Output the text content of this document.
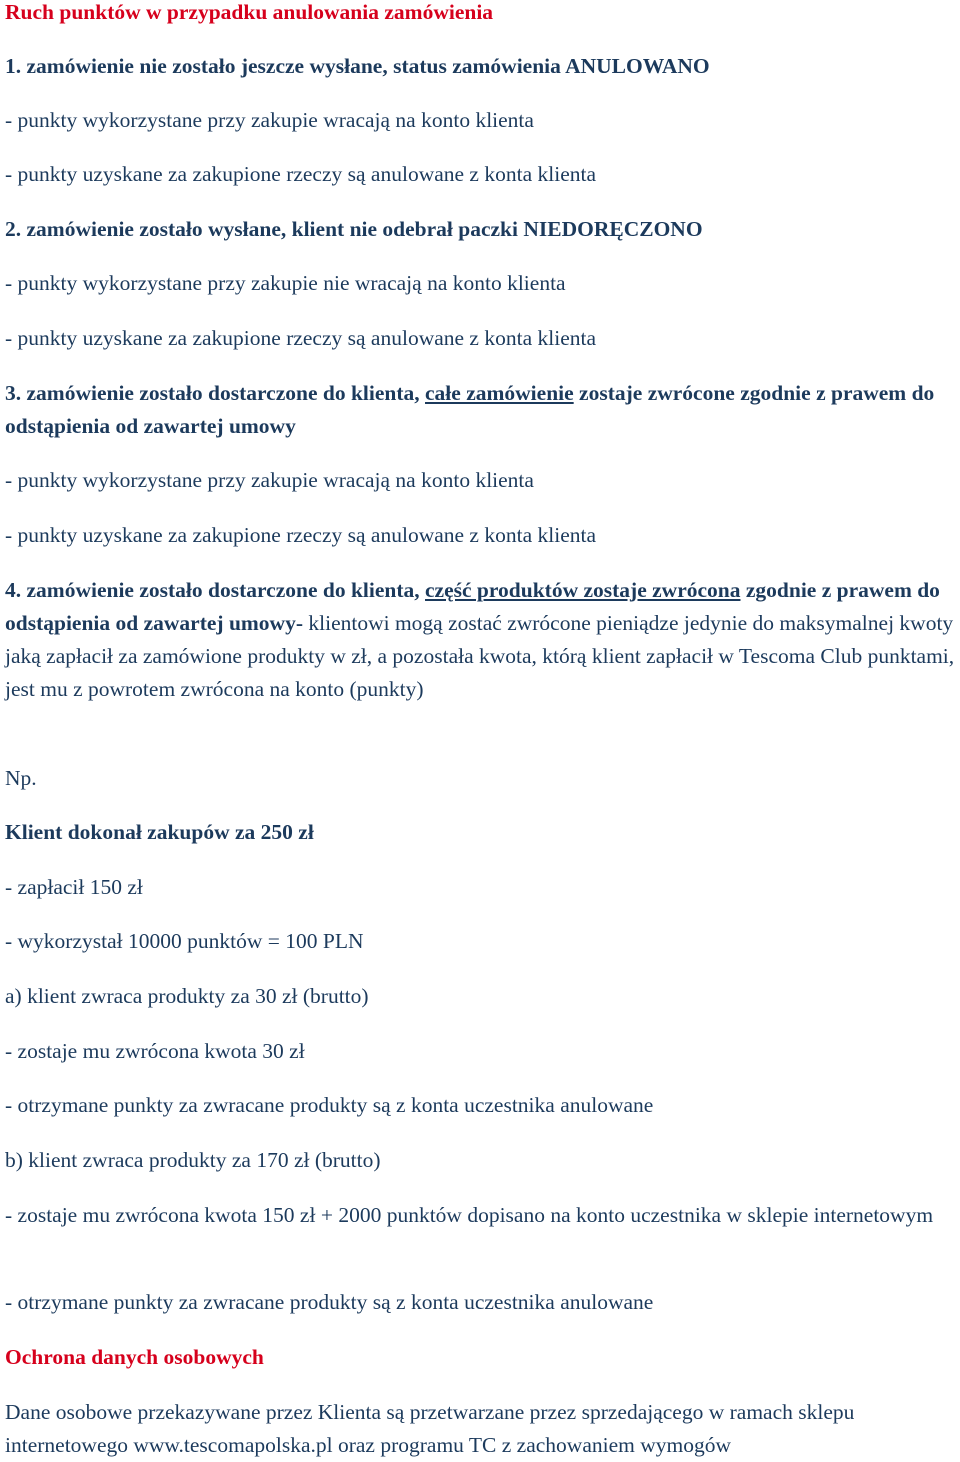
Ruch punktów w przypadku anulowania zamówienia
1. zamówienie nie zostało jeszcze wysłane, status zamówienia ANULOWANO
- punkty wykorzystane przy zakupie wracają na konto klienta
- punkty uzyskane za zakupione rzeczy są anulowane z konta klienta
2. zamówienie zostało wysłane, klient nie odebrał paczki NIEDORĘCZONO
- punkty wykorzystane przy zakupie nie wracają na konto klienta
- punkty uzyskane za zakupione rzeczy są anulowane z konta klienta
3. zamówienie zostało dostarczone do klienta, całe zamówienie zostaje zwrócone zgodnie z prawem do odstąpienia od zawartej umowy
- punkty wykorzystane przy zakupie wracają na konto klienta
- punkty uzyskane za zakupione rzeczy są anulowane z konta klienta
4. zamówienie zostało dostarczone do klienta, część produktów zostaje zwrócona zgodnie z prawem do odstąpienia od zawartej umowy- klientowi mogą zostać zwrócone pieniądze jedynie do maksymalnej kwoty jaką zapłacił za zamówione produkty w zł, a pozostała kwota, którą klient zapłacił w Tescoma Club punktami, jest mu z powrotem zwrócona na konto (punkty)
Np.
Klient dokonał zakupów za 250 zł
- zapłacił 150 zł
- wykorzystał 10000 punktów = 100 PLN
a) klient zwraca produkty za 30 zł (brutto)
- zostaje mu zwrócona kwota 30 zł
- otrzymane punkty za zwracane produkty są z konta uczestnika anulowane
b) klient zwraca produkty za 170 zł (brutto)
- zostaje mu zwrócona kwota 150 zł + 2000 punktów dopisano na konto uczestnika w sklepie internetowym
- otrzymane punkty za zwracane produkty są z konta uczestnika anulowane
Ochrona danych osobowych
Dane osobowe przekazywane przez Klienta są przetwarzane przez sprzedającego w ramach sklepu internetowego www.tescomapolska.pl oraz programu TC z zachowaniem wymogów
